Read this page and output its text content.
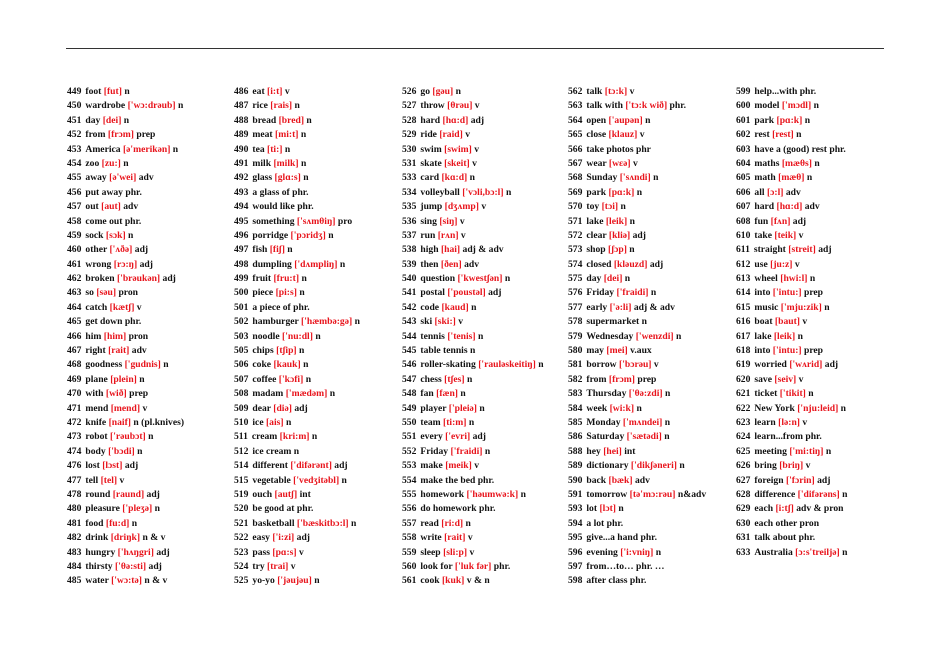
449 foot [fut] n
450 wardrobe ['wɔ:drəub] n
451 day [dei] n
452 from [frɔm] prep
453 America [ə'merikən] n
454 zoo [zu:] n
455 away [ə'wei] adv
456 put away phr.
457 out [aut] adv
458 come out phr.
459 sock [sɔk] n
460 other ['ʌðə] adj
461 wrong [rɔ:ŋ] adj
462 broken ['brəukən] adj
463 so [səu] pron
464 catch [kætʃ] v
465 get down phr.
466 him [him] pron
467 right [rait] adv
468 goodness ['gudnis] n
469 plane [plein] n
470 with [wið] prep
471 mend [mend] v
472 knife [naif] n (pl.knives)
473 robot ['rəubɔt] n
474 body ['bɔdi] n
476 lost [lɔst] adj
477 tell [tel] v
478 round [raund] adj
480 pleasure ['pleʒə] n
481 food [fu:d] n
482 drink [driŋk] n & v
483 hungry ['hʌŋgri] adj
484 thirsty ['θə:sti] adj
485 water ['wɔ:tə] n & v
486 eat [i:t] v
487 rice [rais] n
488 bread [bred] n
489 meat [mi:t] n
490 tea [ti:] n
491 milk [milk] n
492 glass [glɑ:s] n
493 a glass of phr.
494 would like phr.
495 something ['sʌmθiŋ] pro
496 porridge ['pɔridʒ] n
497 fish [fiʃ] n
498 dumpling ['dʌmpliŋ] n
499 fruit [fru:t] n
500 piece [pi:s] n
501 a piece of phr.
502 hamburger ['hæmbə:gə] n
503 noodle ['nu:dl] n
505 chips [tʃip] n
506 coke [kauk] n
507 coffee ['kɔfi] n
508 madam ['mædəm] n
509 dear [diə] adj
510 ice [ais] n
511 cream [kri:m] n
512 ice cream n
514 different ['difərənt] adj
515 vegetable ['vedʒitəbl] n
519 ouch [autʃ] int
520 be good at phr.
521 basketball ['bæskitbɔ:l] n
522 easy ['i:zi] adj
523 pass [pɑ:s] v
524 try [trai] v
525 yo-yo ['jəujəu] n
526 go [gəu] n
527 throw [θrəu] v
528 hard [hɑ:d] adj
529 ride [raid] v
530 swim [swim] v
531 skate [skeit] v
533 card [kɑ:d] n
534 volleyball ['vɔli,bɔ:l] n
535 jump [dʒʌmp] v
536 sing [siŋ] v
537 run [rʌn] v
538 high [hai] adj & adv
539 then [ðen] adv
540 question ['kwestʃən] n
541 postal ['poustəl] adj
542 code [kaud] n
543 ski [ski:] v
544 tennis ['tenis] n
545 table tennis n
546 roller-skating ['rauləskeitiŋ] n
547 chess [tʃes] n
548 fan [fæn] n
549 player ['pleiə] n
550 team [ti:m] n
551 every ['evri] adj
552 Friday ['fraidi] n
553 make [meik] v
554 make the bed phr.
555 homework ['həumwə:k] n
556 do homework phr.
557 read [ri:d] n
558 write [rait] v
559 sleep [sli:p] v
560 look for ['luk fər] phr.
561 cook [kuk] v & n
562 talk [tɔ:k] v
563 talk with ['tɔ:k wið] phr.
564 open ['aupən] n
565 close [klauz] v
566 take photos phr
567 wear [wεə] v
568 Sunday ['sʌndi] n
569 park [pɑ:k] n
570 toy [tɔi] n
571 lake [leik] n
572 clear [kliə] adj
573 shop [ʃɔp] n
574 closed [kləuzd] adj
575 day [dei] n
576 Friday ['fraidi] n
577 early ['ə:li] adj & adv
578 supermarket n
579 Wednesday ['wenzdi] n
580 may [mei] v.aux
581 borrow ['bɔrəu] v
582 from [frɔm] prep
583 Thursday ['θə:zdi] n
584 week [wi:k] n
585 Monday ['mʌndei] n
586 Saturday ['sætədi] n
588 hey [hei] int
589 dictionary ['dikʃəneri] n
590 back [bæk] adv
591 tomorrow [tə'mɔ:rəu] n&adv
593 lot [lɔt] n
594 a lot phr.
595 give...a hand phr.
596 evening ['i:vniŋ] n
597 from…to… phr. …
598 after class phr.
599 help...with phr.
600 model ['mɔdl] n
601 park [pɑ:k] n
602 rest [rest] n
603 have a (good) rest phr.
604 maths [mæθs] n
605 math [mæθ] n
606 all [ɔ:l] adv
607 hard [hɑ:d] adv
608 fun [fʌn] adj
610 take [teik] v
611 straight [streit] adj
612 use [ju:z] v
613 wheel [hwi:l] n
614 into ['intu:] prep
615 music ['mju:zik] n
616 boat [baut] v
617 lake [leik] n
618 into ['intu:] prep
619 worried ['wʌrid] adj
620 save [seiv] v
621 ticket ['tikit] n
622 New York ['nju:leid] n
623 learn [lə:n] v
624 learn...from phr.
625 meeting ['mi:tiŋ] n
626 bring [briŋ] v
627 foreign ['fɔrin] adj
628 difference ['difərəns] n
629 each [i:tʃ] adv & pron
630 each other pron
631 talk about phr.
633 Australia [ɔ:s'treiljə] n
